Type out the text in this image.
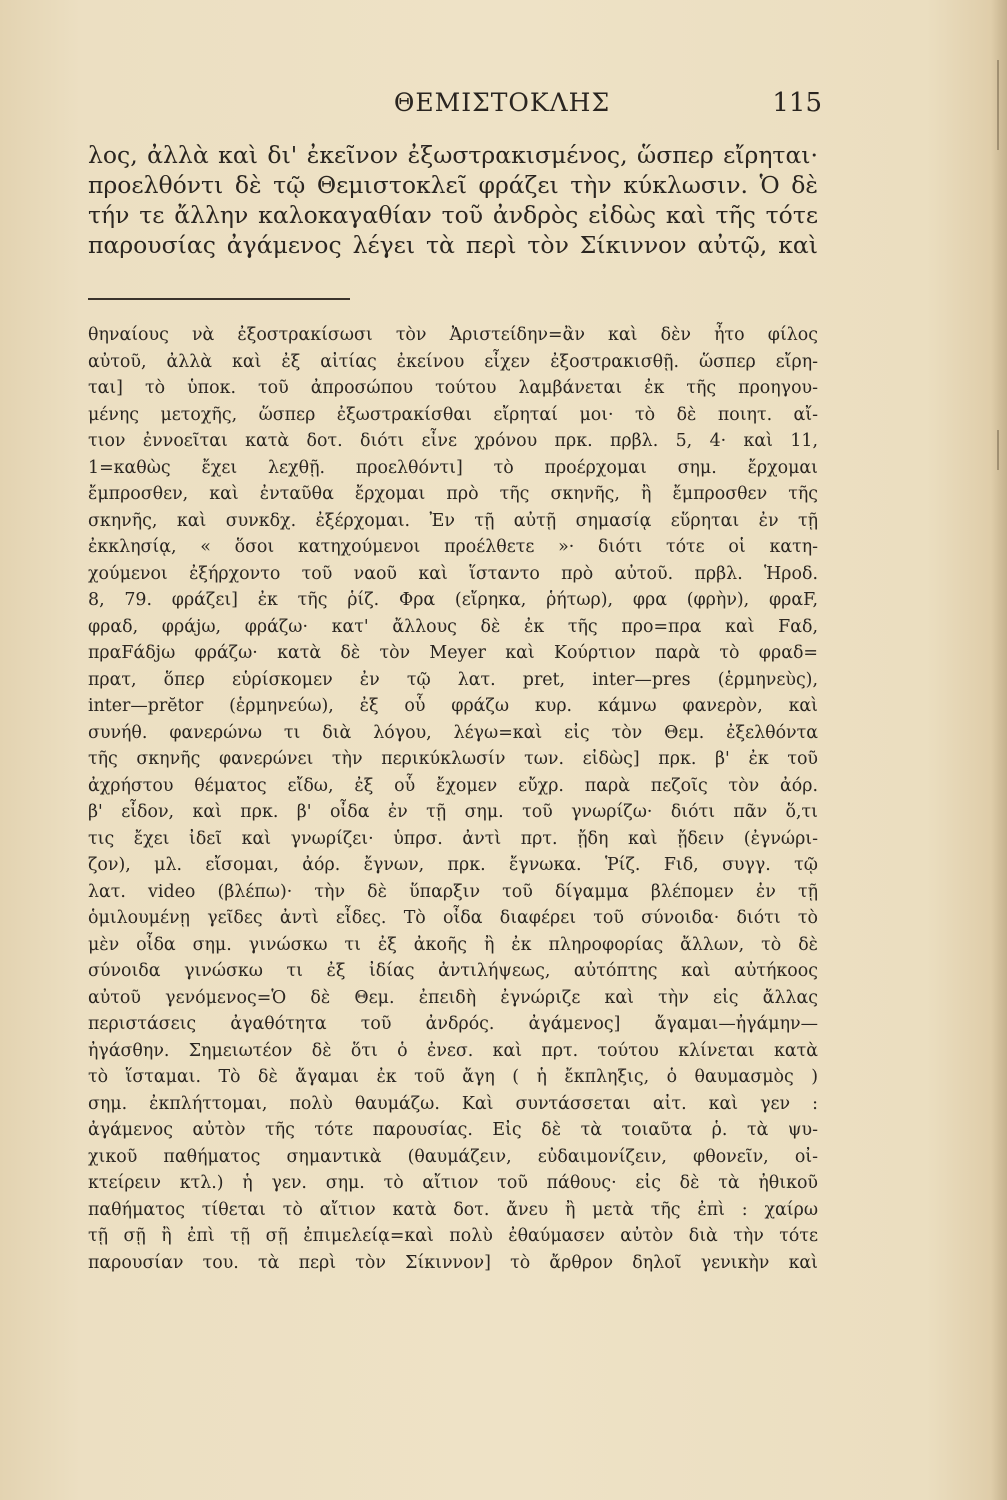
ΘΕΜΙΣΤΟΚΛΗΣ	115
λος, ἀλλὰ καὶ δι' ἐκεῖνον ἐξωστρακισμένος, ὥσπερ εἴρηται·
προελθόντι δὲ τῷ Θεμιστοκλεῖ φράζει τὴν κύκλωσιν. Ὁ δὲ
τήν τε ἄλλην καλοκαγαθίαν τοῦ ἀνδρὸς εἰδὼς καὶ τῆς τότε
παρουσίας ἀγάμενος λέγει τὰ περὶ τὸν Σίκιννον αὐτῷ, καὶ
θηναίους νὰ ἐξοστρακίσωσι τὸν Ἀριστείδην=ἂν καὶ δὲν ἦτο φίλος
αὐτοῦ, ἀλλὰ καὶ ἐξ αἰτίας ἐκείνου εἶχεν ἐξοστρακισθῇ. ὥσπερ εἴρη-
ται] τὸ ὑποκ. τοῦ ἀπροσώπου τούτου λαμβάνεται ἐκ τῆς προηγου-
μένης μετοχῆς, ὥσπερ ἐξωστρακίσθαι εἴρηταί μοι· τὸ δὲ ποιητ. αἴ-
τιον ἐννοεῖται κατὰ δοτ. διότι εἶνε χρόνου πρκ. πρβλ. 5, 4· καὶ 11,
1=καθὼς ἔχει λεχθῇ. προελθόντι] τὸ προέρχομαι σημ. ἔρχομαι
ἔμπροσθεν, καὶ ἐνταῦθα ἔρχομαι πρὸ τῆς σκηνῆς, ἢ ἔμπροσθεν τῆς
σκηνῆς, καὶ συνκδχ. ἐξέρχομαι. Ἐν τῇ αὐτῇ σημασίᾳ εὕρηται ἐν τῇ
ἐκκλησίᾳ, « ὅσοι κατηχούμενοι προέλθετε »· διότι τότε οἱ κατη-
χούμενοι ἐξήρχοντο τοῦ ναοῦ καὶ ἵσταντο πρὸ αὐτοῦ. πρβλ. Ἡροδ.
8, 79. φράζει] ἐκ τῆς ῥίζ. Φρα (εἴρηκα, ῥήτωρ), φρα (φρὴν), φραF,
φραδ, φράjω, φράζω· κατ' ἄλλους δὲ ἐκ τῆς προ=πρα καὶ Fαδ,
πραFάδjω φράζω· κατὰ δὲ τὸν Meyer καὶ Κούρτιον παρὰ τὸ φραδ=
πρατ, ὅπερ εὑρίσκομεν ἐν τῷ λατ. pret, inter—pres (ἑρμηνεὺς),
inter—prĕtor (ἑρμηνεύω), ἐξ οὗ φράζω κυρ. κάμνω φανερὸν, καὶ
συνήθ. φανερώνω τι διὰ λόγου, λέγω=καὶ εἰς τὸν Θεμ. ἐξελθόντα
τῆς σκηνῆς φανερώνει τὴν περικύκλωσίν των. εἰδὼς] πρκ. β' ἐκ τοῦ
ἀχρήστου θέματος εἴδω, ἐξ οὗ ἔχομεν εὔχρ. παρὰ πεζοῖς τὸν ἀόρ.
β' εἶδον, καὶ πρκ. β' οἶδα ἐν τῇ σημ. τοῦ γνωρίζω· διότι πᾶν ὅ,τι
τις ἔχει ἰδεῖ καὶ γνωρίζει· ὑπρσ. ἀντὶ πρτ. ᾔδη καὶ ᾔδειν (ἐγνώρι-
ζον), μλ. εἴσομαι, ἀόρ. ἔγνων, πρκ. ἔγνωκα. Ῥίζ. Fιδ, συγγ. τῷ
λατ. video (βλέπω)· τὴν δὲ ὕπαρξιν τοῦ δίγαμμα βλέπομεν ἐν τῇ
ὁμιλουμένῃ γεῖδες ἀντὶ εἶδες. Τὸ οἶδα διαφέρει τοῦ σύνοιδα· διότι τὸ
μὲν οἶδα σημ. γινώσκω τι ἐξ ἀκοῆς ἢ ἐκ πληροφορίας ἄλλων, τὸ δὲ
σύνοιδα γινώσκω τι ἐξ ἰδίας ἀντιλήψεως, αὐτόπτης καὶ αὐτήκοος
αὐτοῦ γενόμενος=Ὁ δὲ Θεμ. ἐπειδὴ ἐγνώριζε καὶ τὴν εἰς ἄλλας
περιστάσεις ἀγαθότητα τοῦ ἀνδρός. ἀγάμενος] ἄγαμαι—ἠγάμην—
ἠγάσθην. Σημειωτέον δὲ ὅτι ὁ ἐνεσ. καὶ πρτ. τούτου κλίνεται κατὰ
τὸ ἵσταμαι. Τὸ δὲ ἄγαμαι ἐκ τοῦ ἄγη ( ἡ ἔκπληξις, ὁ θαυμασμὸς )
σημ. ἐκπλήττομαι, πολὺ θαυμάζω. Καὶ συντάσσεται αἰτ. καὶ γεν :
ἀγάμενος αὐτὸν τῆς τότε παρουσίας. Εἰς δὲ τὰ τοιαῦτα ῥ. τὰ ψυ-
χικοῦ παθήματος σημαντικὰ (θαυμάζειν, εὐδαιμονίζειν, φθονεῖν, οἰ-
κτείρειν κτλ.) ἡ γεν. σημ. τὸ αἴτιον τοῦ πάθους· εἰς δὲ τὰ ἠθικοῦ
παθήματος τίθεται τὸ αἴτιον κατὰ δοτ. ἄνευ ἢ μετὰ τῆς ἐπὶ : χαίρω
τῇ σῇ ἢ ἐπὶ τῇ σῇ ἐπιμελείᾳ=καὶ πολὺ ἐθαύμασεν αὐτὸν διὰ τὴν τότε
παρουσίαν του. τὰ περὶ τὸν Σίκιννον] τὸ ἄρθρον δηλοῖ γενικὴν καὶ
